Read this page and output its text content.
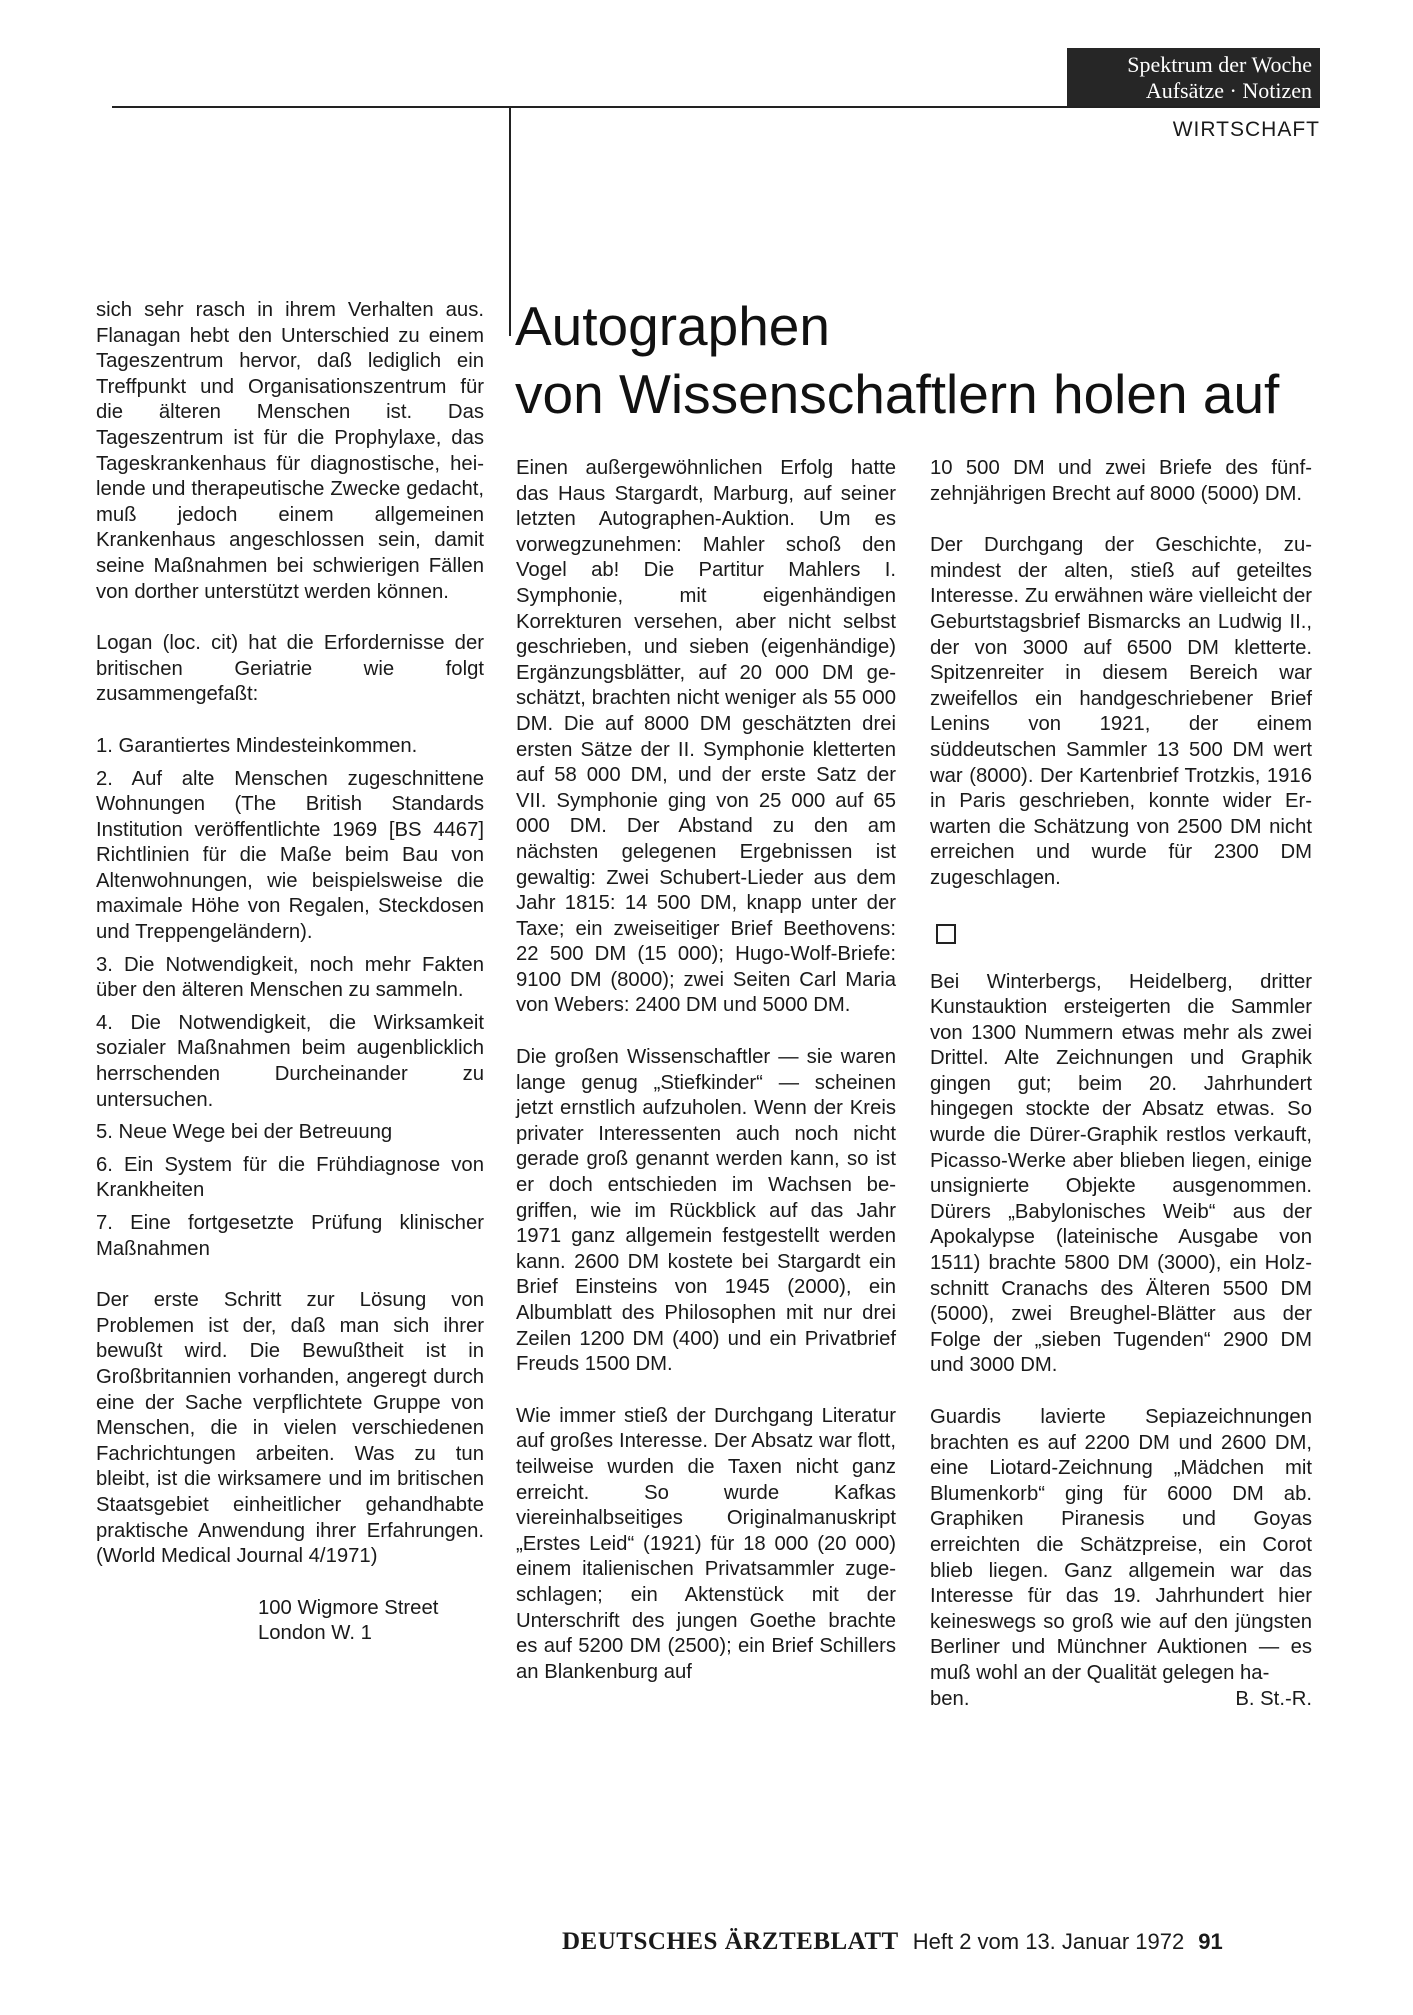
Spektrum der Woche
Aufsätze · Notizen
WIRTSCHAFT
Autographen
von Wissenschaftlern holen auf

sich sehr rasch in ihrem Verhalten aus. Flanagan hebt den Unterschied zu einem Tageszentrum hervor, daß lediglich ein Treffpunkt und Organisationszentrum für die älteren Menschen ist. Das Tageszentrum ist für die Prophylaxe, das Tageskrankenhaus für diagnostische, heilende und therapeutische Zwecke gedacht, muß jedoch einem allgemeinen Krankenhaus angeschlossen sein, damit seine Maßnahmen bei schwierigen Fällen von dorther unterstützt werden können.

Logan (loc. cit) hat die Erfordernisse der britischen Geriatrie wie folgt zusammengefaßt:

1. Garantiertes Mindesteinkommen.

2. Auf alte Menschen zugeschnittene Wohnungen (The British Standards Institution veröffentlichte 1969 [BS 4467] Richtlinien für die Maße beim Bau von Altenwohnungen, wie beispielsweise die maximale Höhe von Regalen, Steckdosen und Treppengeländern).

3. Die Notwendigkeit, noch mehr Fakten über den älteren Menschen zu sammeln.

4. Die Notwendigkeit, die Wirksamkeit sozialer Maßnahmen beim augenblicklich herrschenden Durcheinander zu untersuchen.

5. Neue Wege bei der Betreuung

6. Ein System für die Frühdiagnose von Krankheiten

7. Eine fortgesetzte Prüfung klinischer Maßnahmen

Der erste Schritt zur Lösung von Problemen ist der, daß man sich ihrer bewußt wird. Die Bewußtheit ist in Großbritannien vorhanden, angeregt durch eine der Sache verpflichtete Gruppe von Menschen, die in vielen verschiedenen Fachrichtungen arbeiten. Was zu tun bleibt, ist die wirksamere und im britischen Staatsgebiet einheitlicher gehandhabte praktische Anwendung ihrer Erfahrungen. (World Medical Journal 4/1971)

100 Wigmore Street

London W. 1

Einen außergewöhnlichen Erfolg hatte das Haus Stargardt, Marburg, auf seiner letzten Autographen-Auktion. Um es vorwegzunehmen: Mahler schoß den Vogel ab! Die Partitur Mahlers I. Symphonie, mit eigenhändigen Korrekturen versehen, aber nicht selbst geschrieben, und sieben (eigenhändige) Ergänzungsblätter, auf 20 000 DM geschätzt, brachten nicht weniger als 55 000 DM. Die auf 8000 DM geschätzten drei ersten Sätze der II. Symphonie kletterten auf 58 000 DM, und der erste Satz der VII. Symphonie ging von 25 000 auf 65 000 DM. Der Abstand zu den am nächsten gelegenen Ergebnissen ist gewaltig: Zwei Schubert-Lieder aus dem Jahr 1815: 14 500 DM, knapp unter der Taxe; ein zweiseitiger Brief Beethovens: 22 500 DM (15 000); Hugo-Wolf-Briefe: 9100 DM (8000); zwei Seiten Carl Maria von Webers: 2400 DM und 5000 DM.

Die großen Wissenschaftler — sie waren lange genug „Stiefkinder“ — scheinen jetzt ernstlich aufzuholen. Wenn der Kreis privater Interessenten auch noch nicht gerade groß genannt werden kann, so ist er doch entschieden im Wachsen begriffen, wie im Rückblick auf das Jahr 1971 ganz allgemein festgestellt werden kann. 2600 DM kostete bei Stargardt ein Brief Einsteins von 1945 (2000), ein Albumblatt des Philosophen mit nur drei Zeilen 1200 DM (400) und ein Privatbrief Freuds 1500 DM.

Wie immer stieß der Durchgang Literatur auf großes Interesse. Der Absatz war flott, teilweise wurden die Taxen nicht ganz erreicht. So wurde Kafkas viereinhalbseitiges Originalmanuskript „Erstes Leid“ (1921) für 18 000 (20 000) einem italienischen Privatsammler zugeschlagen; ein Aktenstück mit der Unterschrift des jungen Goethe brachte es auf 5200 DM (2500); ein Brief Schillers an Blankenburg auf

10 500 DM und zwei Briefe des fünfzehnjährigen Brecht auf 8000 (5000) DM.

Der Durchgang der Geschichte, zumindest der alten, stieß auf geteiltes Interesse. Zu erwähnen wäre vielleicht der Geburtstagsbrief Bismarcks an Ludwig II., der von 3000 auf 6500 DM kletterte. Spitzenreiter in diesem Bereich war zweifellos ein handgeschriebener Brief Lenins von 1921, der einem süddeutschen Sammler 13 500 DM wert war (8000). Der Kartenbrief Trotzkis, 1916 in Paris geschrieben, konnte wider Erwarten die Schätzung von 2500 DM nicht erreichen und wurde für 2300 DM zugeschlagen.

Bei Winterbergs, Heidelberg, dritter Kunstauktion ersteigerten die Sammler von 1300 Nummern etwas mehr als zwei Drittel. Alte Zeichnungen und Graphik gingen gut; beim 20. Jahrhundert hingegen stockte der Absatz etwas. So wurde die Dürer-Graphik restlos verkauft, Picasso-Werke aber blieben liegen, einige unsignierte Objekte ausgenommen. Dürers „Babylonisches Weib“ aus der Apokalypse (lateinische Ausgabe von 1511) brachte 5800 DM (3000), ein Holzschnitt Cranachs des Älteren 5500 DM (5000), zwei Breughel-Blätter aus der Folge der „sieben Tugenden“ 2900 DM und 3000 DM.

Guardis lavierte Sepiazeichnungen brachten es auf 2200 DM und 2600 DM, eine Liotard-Zeichnung „Mädchen mit Blumenkorb“ ging für 6000 DM ab. Graphiken Piranesis und Goyas erreichten die Schätzpreise, ein Corot blieb liegen. Ganz allgemein war das Interesse für das 19. Jahrhundert hier keineswegs so groß wie auf den jüngsten Berliner und Münchner Auktionen — es muß wohl an der Qualität gelegen ha-

ben.	B. St.-R.
DEUTSCHES ÄRZTEBLATT Heft 2 vom 13. Januar 1972 91
